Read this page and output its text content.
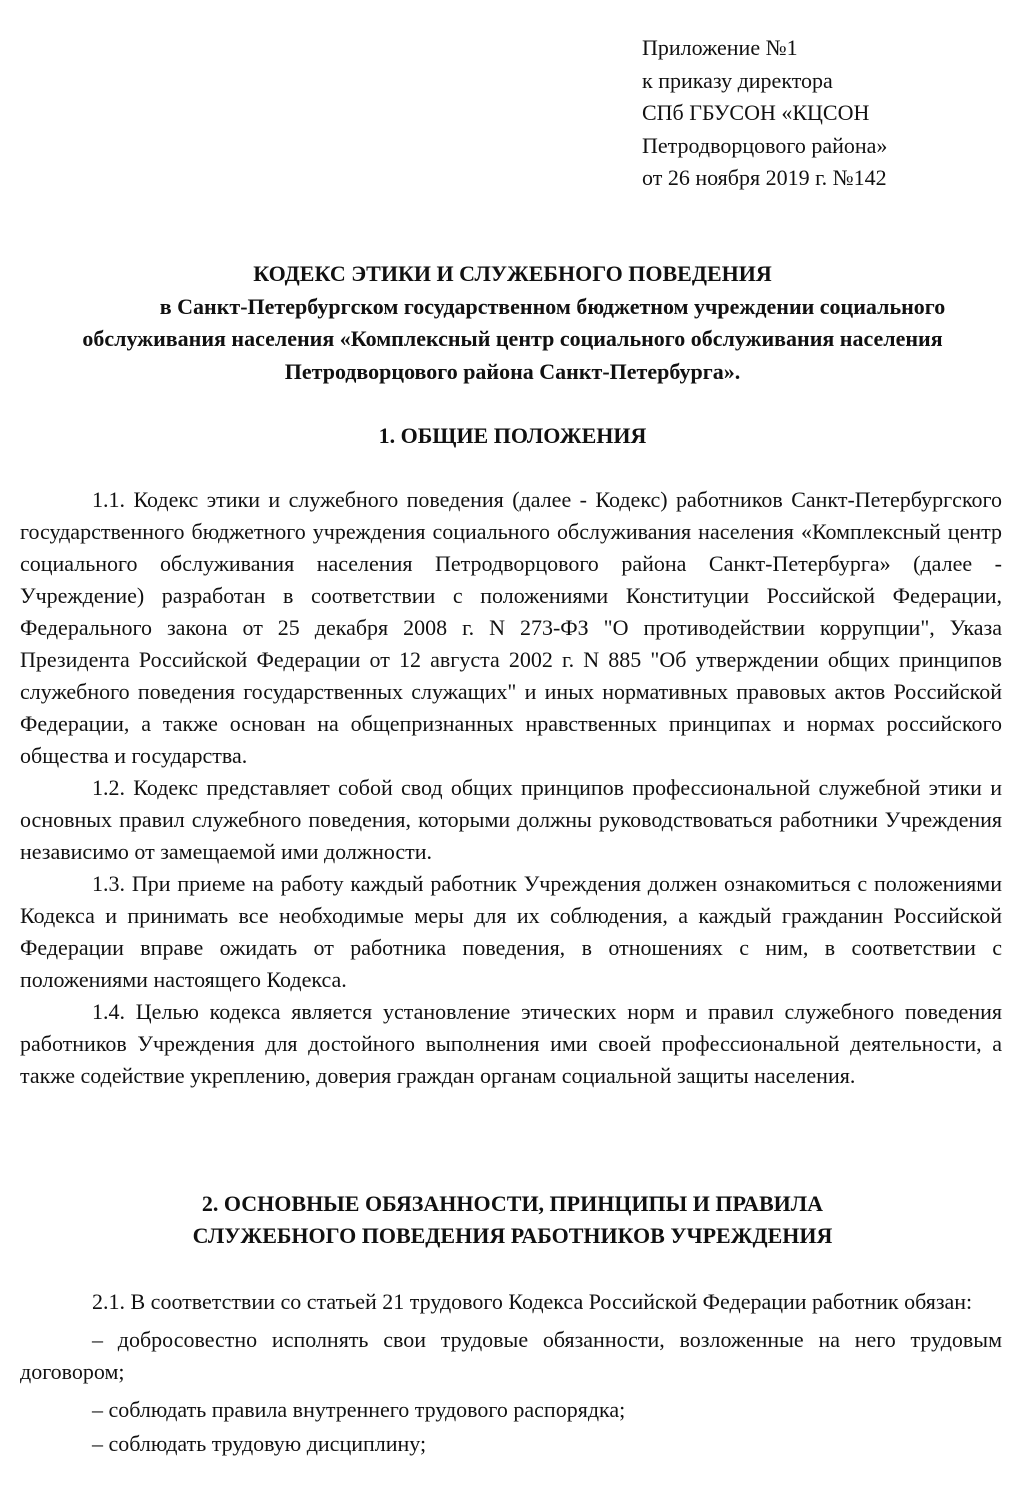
Приложение №1
к приказу директора
СПб ГБУСОН «КЦСОН
Петродворцового района»
от 26 ноября 2019 г. №142
КОДЕКС ЭТИКИ И СЛУЖЕБНОГО ПОВЕДЕНИЯ
в Санкт-Петербургском государственном бюджетном учреждении социального
обслуживания населения «Комплексный центр социального обслуживания населения
Петродворцового района Санкт-Петербурга».
1. ОБЩИЕ ПОЛОЖЕНИЯ

1.1. Кодекс этики и служебного поведения (далее - Кодекс) работников Санкт-Петербургского государственного бюджетного учреждения социального обслуживания населения «Комплексный центр социального обслуживания населения Петродворцового района Санкт-Петербурга» (далее - Учреждение) разработан в соответствии с положениями Конституции Российской Федерации, Федерального закона от 25 декабря 2008 г. N 273-ФЗ "О противодействии коррупции", Указа Президента Российской Федерации от 12 августа 2002 г. N 885 "Об утверждении общих принципов служебного поведения государственных служащих" и иных нормативных правовых актов Российской Федерации, а также основан на общепризнанных нравственных принципах и нормах российского общества и государства.

1.2. Кодекс представляет собой свод общих принципов профессиональной служебной этики и основных правил служебного поведения, которыми должны руководствоваться работники Учреждения независимо от замещаемой ими должности.

1.3. При приеме на работу каждый работник Учреждения должен ознакомиться с положениями Кодекса и принимать все необходимые меры для их соблюдения, а каждый гражданин Российской Федерации вправе ожидать от работника поведения, в отношениях с ним, в соответствии с положениями настоящего Кодекса.

1.4. Целью кодекса является установление этических норм и правил служебного поведения работников Учреждения для достойного выполнения ими своей профессиональной деятельности, а также содействие укреплению, доверия граждан органам социальной защиты населения.

2. ОСНОВНЫЕ ОБЯЗАННОСТИ, ПРИНЦИПЫ И ПРАВИЛА
СЛУЖЕБНОГО ПОВЕДЕНИЯ РАБОТНИКОВ УЧРЕЖДЕНИЯ

2.1. В соответствии со статьей 21 трудового Кодекса Российской Федерации работник обязан:

– добросовестно исполнять свои трудовые обязанности, возложенные на него трудовым договором;

– соблюдать правила внутреннего трудового распорядка;

– соблюдать трудовую дисциплину;
